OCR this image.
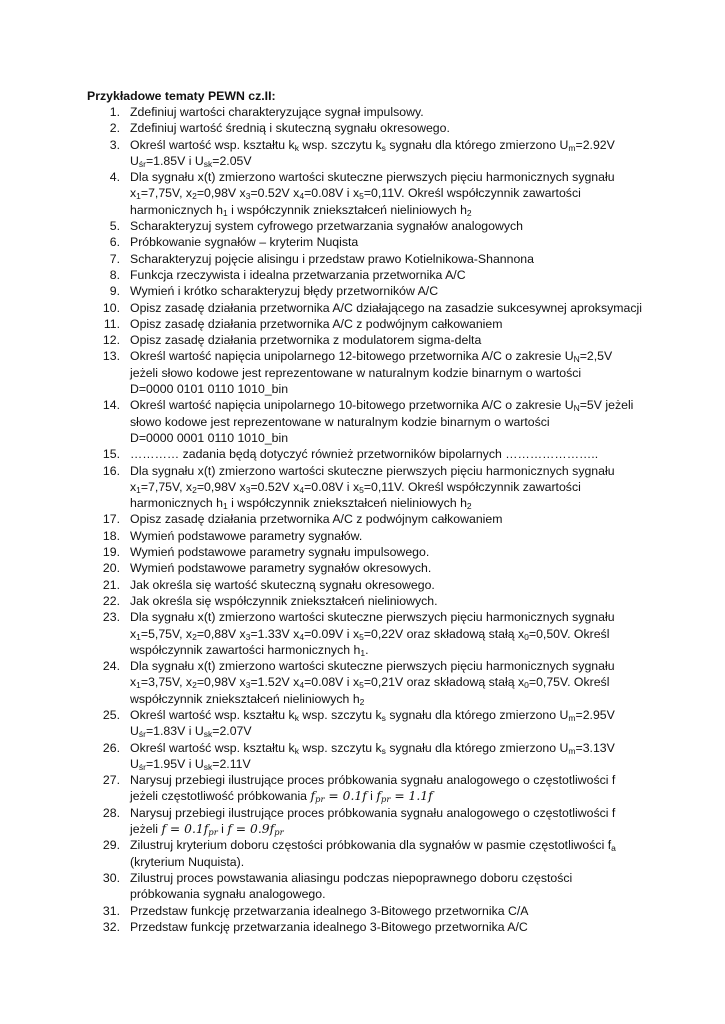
Przykładowe tematy PEWN cz.II:
1. Zdefiniuj wartości charakteryzujące sygnał impulsowy.
2. Zdefiniuj wartość średnią i skuteczną sygnału okresowego.
3. Określ wartość wsp. kształtu $k_k$ wsp. szczytu $k_s$ sygnału dla którego zmierzono $U_m=2.92V$
$U_{śr}=1.85V$ i $U_{sk}=2.05V$
4. Dla sygnału x(t) zmierzono wartości skuteczne pierwszych pięciu harmonicznych sygnału
$x_1=7,75V$, $x_2=0,98V$ $x_3=0.52V$ $x_4=0.08V$ i $x_5=0,11V$. Określ współczynnik zawartości
harmonicznych $h_1$ i współczynnik zniekształceń nieliniowych $h_2$
5. Scharakteryzuj system cyfrowego przetwarzania sygnałów analogowych
6. Próbkowanie sygnałów – kryterim Nuqista
7. Scharakteryzuj pojęcie alisingu i przedstaw prawo Kotielnikowa-Shannona
8. Funkcja rzeczywista i idealna przetwarzania przetwornika A/C
9. Wymień i krótko scharakteryzuj błędy przetworników A/C
10. Opisz zasadę działania przetwornika A/C działającego na zasadzie sukcesywnej aproksymacji
11. Opisz zasadę działania przetwornika A/C z podwójnym całkowaniem
12. Opisz zasadę działania przetwornika z modulatorem sigma-delta
13. Określ wartość napięcia unipolarnego 12-bitowego przetwornika A/C o zakresie $U_N=2,5V$
jeżeli słowo kodowe jest reprezentowane w naturalnym kodzie binarnym o wartości
D=0000 0101 0110 1010_bin
14. Określ wartość napięcia unipolarnego 10-bitowego przetwornika A/C o zakresie $U_N=5V$ jeżeli
słowo kodowe jest reprezentowane w naturalnym kodzie binarnym o wartości
D=0000 0001 0110 1010_bin
15. ………… zadania będą dotyczyć również przetworników bipolarnych …………………..
16. Dla sygnału x(t) zmierzono wartości skuteczne pierwszych pięciu harmonicznych sygnału
$x_1=7,75V$, $x_2=0,98V$ $x_3=0.52V$ $x_4=0.08V$ i $x_5=0,11V$. Określ współczynnik zawartości
harmonicznych $h_1$ i współczynnik zniekształceń nieliniowych $h_2$
17. Opisz zasadę działania przetwornika A/C z podwójnym całkowaniem
18. Wymień podstawowe parametry sygnałów.
19. Wymień podstawowe parametry sygnału impulsowego.
20. Wymień podstawowe parametry sygnałów okresowych.
21. Jak określa się wartość skuteczną sygnału okresowego.
22. Jak określa się współczynnik zniekształceń nieliniowych.
23. Dla sygnału x(t) zmierzono wartości skuteczne pierwszych pięciu harmonicznych sygnału
$x_1=5,75V$, $x_2=0,88V$ $x_3=1.33V$ $x_4=0.09V$ i $x_5=0,22V$ oraz składową stałą $x_0=0,50V$. Określ
współczynnik zawartości harmonicznych $h_1$.
24. Dla sygnału x(t) zmierzono wartości skuteczne pierwszych pięciu harmonicznych sygnału
$x_1=3,75V$, $x_2=0,98V$ $x_3=1.52V$ $x_4=0.08V$ i $x_5=0,21V$ oraz składową stałą $x_0=0,75V$. Określ
współczynnik zniekształceń nieliniowych $h_2$
25. Określ wartość wsp. kształtu $k_k$ wsp. szczytu $k_s$ sygnału dla którego zmierzono $U_m=2.95V$
$U_{śr}=1.83V$ i $U_{sk}=2.07V$
26. Określ wartość wsp. kształtu $k_k$ wsp. szczytu $k_s$ sygnału dla którego zmierzono $U_m=3.13V$
$U_{śr}=1.95V$ i $U_{sk}=2.11V$
27. Narysuj przebiegi ilustrujące proces próbkowania sygnału analogowego o częstotliwości f
jeżeli częstotliwość próbkowania $f_{pr} = 0.1f$ i $f_{pr} = 1.1f$
28. Narysuj przebiegi ilustrujące proces próbkowania sygnału analogowego o częstotliwości f
jeżeli $f = 0.1f_{pr}$ i $f = 0.9f_{pr}$
29. Zilustruj kryterium doboru częstości próbkowania dla sygnałów w pasmie częstotliwości $f_a$
(kryterium Nuquista).
30. Zilustruj proces powstawania aliasingu podczas niepoprawnego doboru częstości
próbkowania sygnału analogowego.
31. Przedstaw funkcję przetwarzania idealnego 3-Bitowego przetwornika C/A
32. Przedstaw funkcję przetwarzania idealnego 3-Bitowego przetwornika A/C
